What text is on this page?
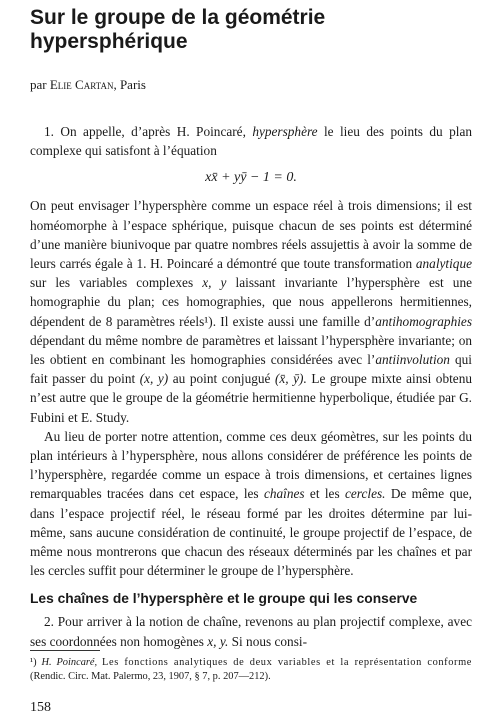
Sur le groupe de la géométrie hypersphérique
par Elie Cartan, Paris

1. On appelle, d’après H. Poincaré, hypersphère le lieu des points du plan complexe qui satisfont à l’équation

xx̄ + yȳ − 1 = 0.

On peut envisager l’hypersphère comme un espace réel à trois dimensions; il est homéomorphe à l’espace sphérique, puisque chacun de ses points est déterminé d’une manière biunivoque par quatre nombres réels assujettis à avoir la somme de leurs carrés égale à 1. H. Poincaré a démontré que toute transformation analytique sur les variables complexes x, y laissant invariante l’hypersphère est une homographie du plan; ces homographies, que nous appellerons hermitiennes, dépendent de 8 paramètres réels¹). Il existe aussi une famille d’antihomographies dépendant du même nombre de paramètres et laissant l’hypersphère invariante; on les obtient en combinant les homographies considérées avec l’antiinvolution qui fait passer du point (x, y) au point conjugué (x̄, ȳ). Le groupe mixte ainsi obtenu n’est autre que le groupe de la géométrie hermitienne hyperbolique, étudiée par G. Fubini et E. Study.

Au lieu de porter notre attention, comme ces deux géomètres, sur les points du plan intérieurs à l’hypersphère, nous allons considérer de préférence les points de l’hypersphère, regardée comme un espace à trois dimensions, et certaines lignes remarquables tracées dans cet espace, les chaînes et les cercles. De même que, dans l’espace projectif réel, le réseau formé par les droites détermine par lui-même, sans aucune considération de continuité, le groupe projectif de l’espace, de même nous montrerons que chacun des réseaux déterminés par les chaînes et par les cercles suffit pour déterminer le groupe de l’hypersphère.

Les chaînes de l’hypersphère et le groupe qui les conserve

2. Pour arriver à la notion de chaîne, revenons au plan projectif complexe, avec ses coordonnées non homogènes x, y. Si nous consi-

¹) H. Poincaré, Les fonctions analytiques de deux variables et la représentation conforme (Rendic. Circ. Mat. Palermo, 23, 1907, § 7, p. 207—212).
158
